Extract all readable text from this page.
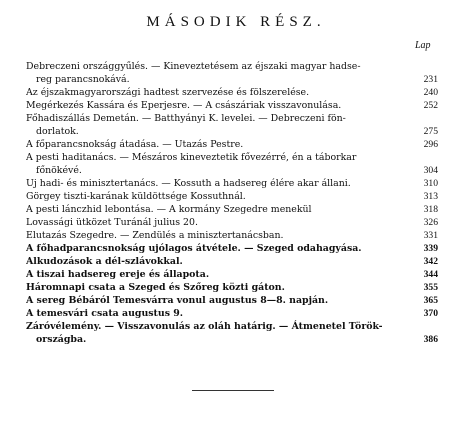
MÁSODIK RÉSZ.
Lap
Debreczeni országgyűlés. — Kineveztetésem az éjszaki magyar hadse-
reg parancsnokává.	231
Az éjszakmagyarországi hadtest szervezése és fölszerelése.	240
Megérkezés Kassára és Eperjesre. — A császáriak visszavonulása.	252
Főhadiszállás Demetán. — Batthyányi K. levelei. — Debreczeni fön-
dorlatok.	275
A főparancsnokság átadása. — Utazás Pestre.	296
A pesti haditanács. — Mészáros kineveztetik fővezérré, én a táborkar
főnökévé.	304
Uj hadi- és minisztertanács. — Kossuth a hadsereg élére akar állani.	310
Görgey tiszti-karának küldöttsége Kossuthnál.	313
A pesti lánczhid lebontása. — A kormány Szegedre menekül	318
Lovassági ütközet Turánál julius 20.	326
Elutazás Szegedre. — Zendülés a minisztertanácsban.	331
A főhadparancsnokság ujólagos átvétele. — Szeged odahagyása.	339
Alkudozások a dél-szlávokkal.	342
A tiszai hadsereg ereje és állapota.	344
Háromnapi csata a Szeged és Szőreg közti gáton.	355
A sereg Bébáról Temesvárra vonul augustus 8—8. napján.	365
A temesvári csata augustus 9.	370
Záróvélemény. — Visszavonulás az oláh határig. — Átmenetel Török-
országba.	386
